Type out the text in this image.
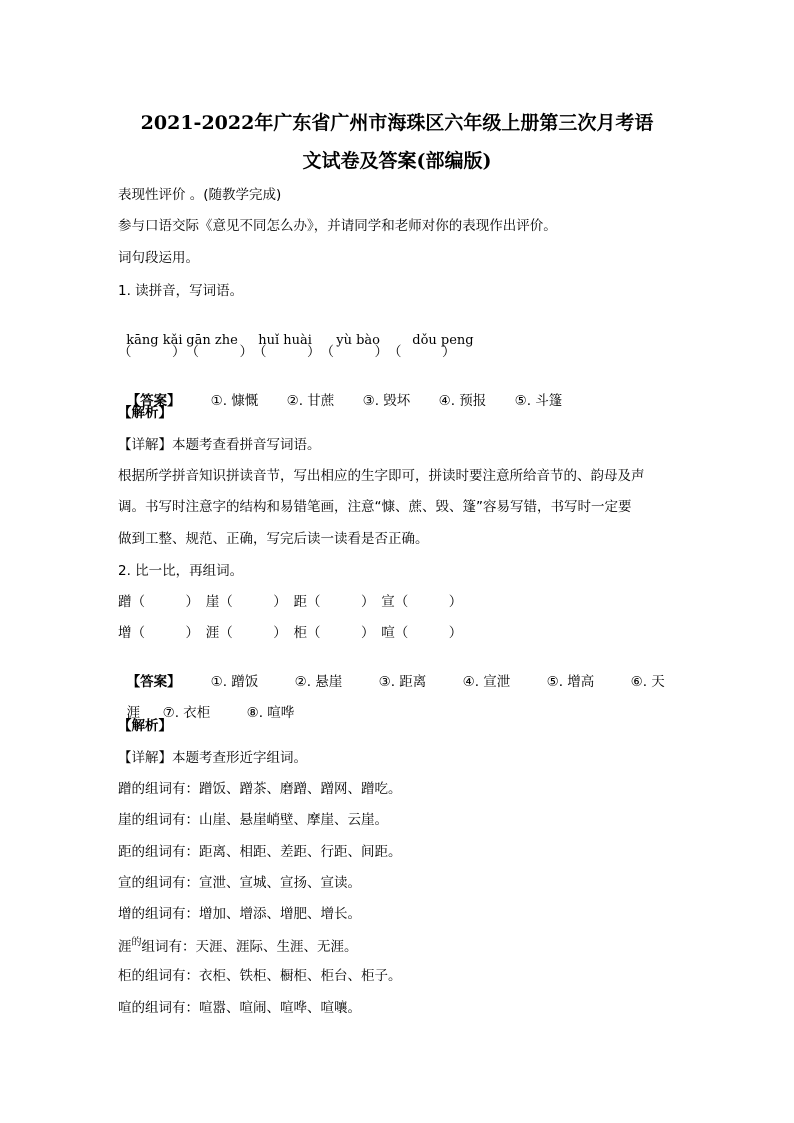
2021-2022年广东省广州市海珠区六年级上册第三次月考语
文试卷及答案(部编版)
表现性评价 。(随教学完成)
参与口语交际《意见不同怎么办》，并请同学和老师对你的表现作出评价。
词句段运用。
1. 读拼音，写词语。

kāng kǎi gān zhe huǐ huài yù bào dǒu peng

（　　　）　（　　　）　（　　　）　（　　　）　（　　　）

【答案】 ①. 慷慨 ②. 甘蔗 ③. 毁坏 ④. 预报 ⑤. 斗篷

【解析】
【详解】本题考查看拼音写词语。
根据所学拼音知识拼读音节，写出相应的生字即可，拼读时要注意所给音节的、韵母及声
调。书写时注意字的结构和易错笔画，注意“慷、蔗、毁、篷”容易写错，书写时一定要
做到工整、规范、正确，写完后读一读看是否正确。
2. 比一比，再组词。
蹭（　　　）　崖（　　　）　距（　　　）　宣（　　　）
增（　　　）　涯（　　　）　柜（　　　）　喧（　　　）

【答案】 ①. 蹭饭	②. 悬崖	③. 距离	④. 宣泄	⑤. 增高	⑥. 天

涯 ⑦. 衣柜	⑧. 喧哗

【解析】
【详解】本题考查形近字组词。
蹭的组词有：蹭饭、蹭茶、磨蹭、蹭网、蹭吃。
崖的组词有：山崖、悬崖峭壁、摩崖、云崖。
距的组词有：距离、相距、差距、行距、间距。
宣的组词有：宣泄、宣城、宣扬、宣读。
增的组词有：增加、增添、增肥、增长。
涯$^的$组词有：天涯、涯际、生涯、无涯。
柜的组词有：衣柜、铁柜、橱柜、柜台、柜子。
喧的组词有：喧嚣、喧闹、喧哗、喧嚷。
